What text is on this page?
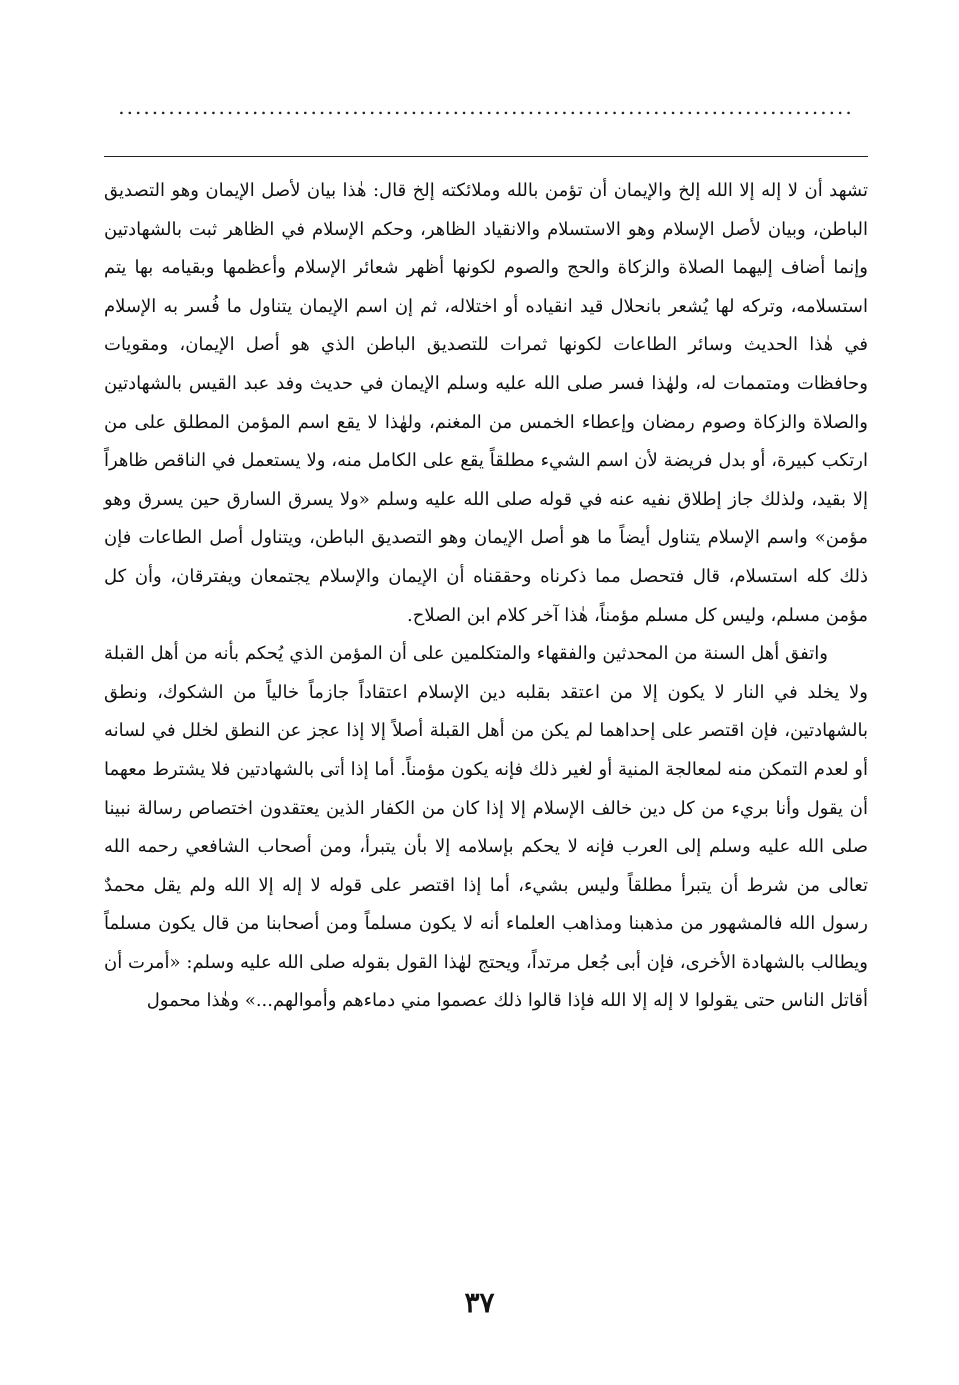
........................................................................................

تشهد أن لا إله إلا الله إلخ والإيمان أن تؤمن بالله وملائكته إلخ قال: هٰذا بيان لأصل الإيمان وهو التصديق الباطن، وبيان لأصل الإسلام وهو الاستسلام والانقياد الظاهر، وحكم الإسلام في الظاهر ثبت بالشهادتين وإنما أضاف إليهما الصلاة والزكاة والحج والصوم لكونها أظهر شعائر الإسلام وأعظمها وبقيامه بها يتم استسلامه، وتركه لها يُشعر بانحلال قيد انقياده أو اختلاله، ثم إن اسم الإيمان يتناول ما فُسر به الإسلام في هٰذا الحديث وسائر الطاعات لكونها ثمرات للتصديق الباطن الذي هو أصل الإيمان، ومقويات وحافظات ومتممات له، ولهٰذا فسر صلى الله عليه وسلم الإيمان في حديث وفد عبد القيس بالشهادتين والصلاة والزكاة وصوم رمضان وإعطاء الخمس من المغنم، ولهٰذا لا يقع اسم المؤمن المطلق على من ارتكب كبيرة، أو بدل فريضة لأن اسم الشيء مطلقاً يقع على الكامل منه، ولا يستعمل في الناقص ظاهراً إلا بقيد، ولذلك جاز إطلاق نفيه عنه في قوله صلى الله عليه وسلم «ولا يسرق السارق حين يسرق وهو مؤمن» واسم الإسلام يتناول أيضاً ما هو أصل الإيمان وهو التصديق الباطن، ويتناول أصل الطاعات فإن ذلك كله استسلام، قال فتحصل مما ذكرناه وحققناه أن الإيمان والإسلام يجتمعان ويفترقان، وأن كل مؤمن مسلم، وليس كل مسلم مؤمناً، هٰذا آخر كلام ابن الصلاح.

واتفق أهل السنة من المحدثين والفقهاء والمتكلمين على أن المؤمن الذي يُحكم بأنه من أهل القبلة ولا يخلد في النار لا يكون إلا من اعتقد بقلبه دين الإسلام اعتقاداً جازماً خالياً من الشكوك، ونطق بالشهادتين، فإن اقتصر على إحداهما لم يكن من أهل القبلة أصلاً إلا إذا عجز عن النطق لخلل في لسانه أو لعدم التمكن منه لمعالجة المنية أو لغير ذلك فإنه يكون مؤمناً. أما إذا أتى بالشهادتين فلا يشترط معهما أن يقول وأنا بريء من كل دين خالف الإسلام إلا إذا كان من الكفار الذين يعتقدون اختصاص رسالة نبينا صلى الله عليه وسلم إلى العرب فإنه لا يحكم بإسلامه إلا بأن يتبرأ، ومن أصحاب الشافعي رحمه الله تعالى من شرط أن يتبرأ مطلقاً وليس بشيء، أما إذا اقتصر على قوله لا إله إلا الله ولم يقل محمدٌ رسول الله فالمشهور من مذهبنا ومذاهب العلماء أنه لا يكون مسلماً ومن أصحابنا من قال يكون مسلماً ويطالب بالشهادة الأخرى، فإن أبى جُعل مرتداً، ويحتج لهٰذا القول بقوله صلى الله عليه وسلم: «أمرت أن أقاتل الناس حتى يقولوا لا إله إلا الله فإذا قالوا ذلك عصموا مني دماءهم وأموالهم...» وهٰذا محمول

٣٧
